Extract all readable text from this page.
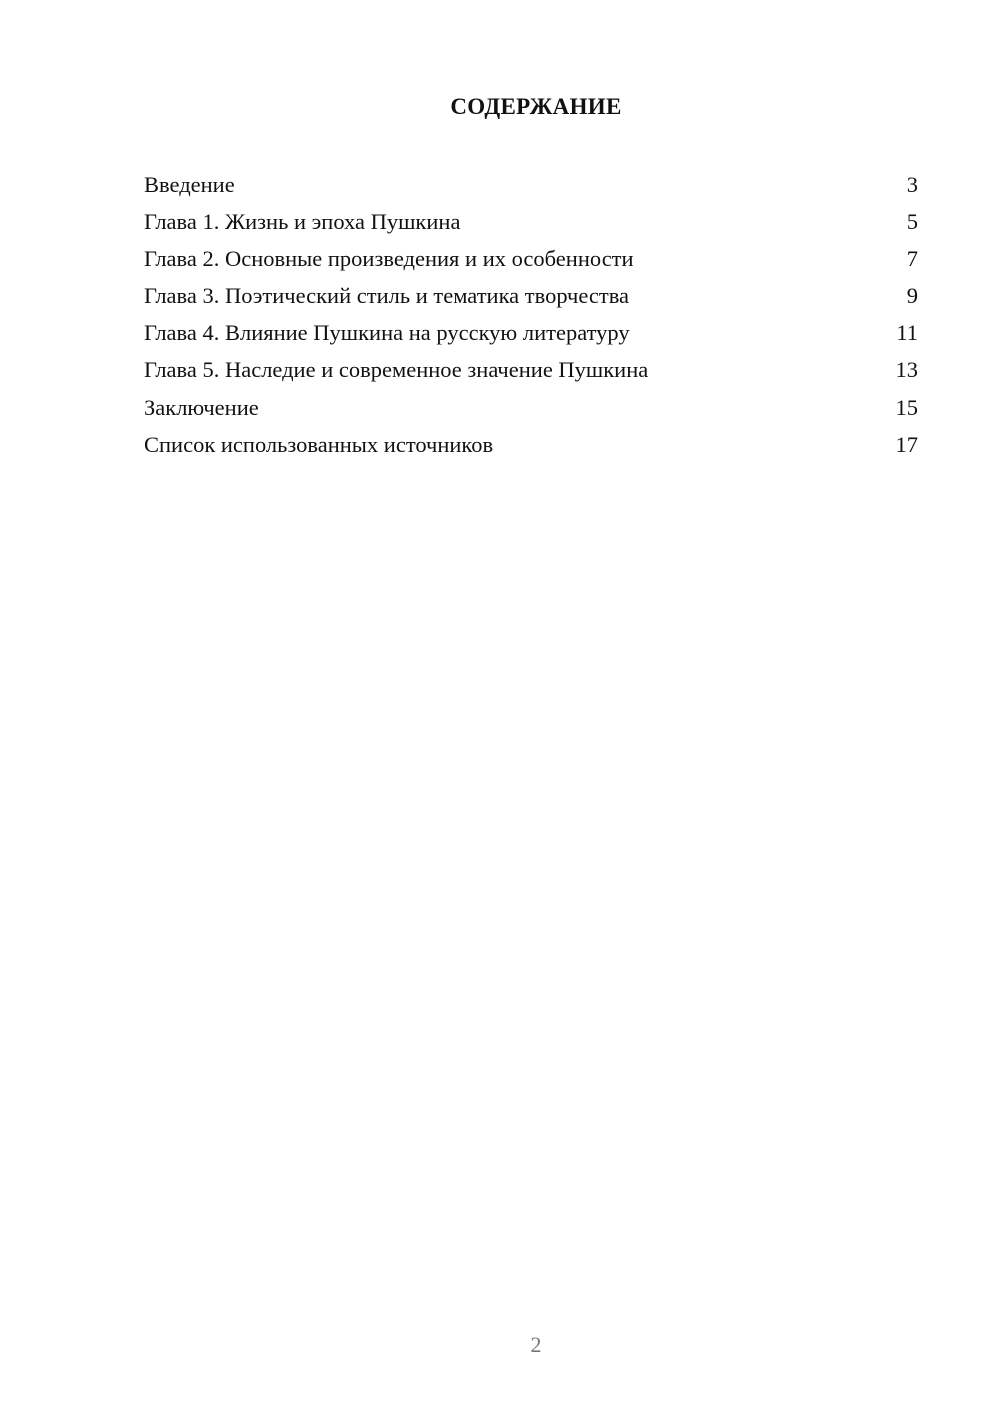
СОДЕРЖАНИЕ
Введение	3
Глава 1. Жизнь и эпоха Пушкина	5
Глава 2. Основные произведения и их особенности	7
Глава 3. Поэтический стиль и тематика творчества	9
Глава 4. Влияние Пушкина на русскую литературу	11
Глава 5. Наследие и современное значение Пушкина	13
Заключение	15
Список использованных источников	17
2
